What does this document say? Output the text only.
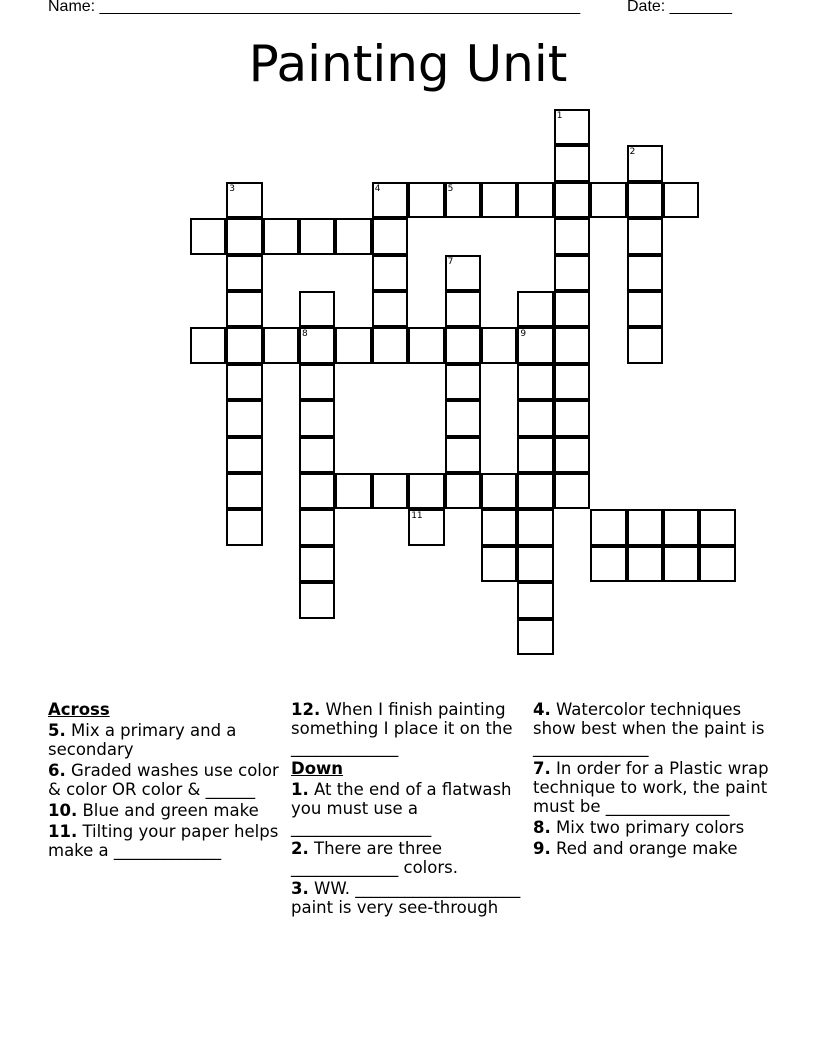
Name: ______________________________________________________	Date: _______
Painting Unit
1
2
3	4	5
7
8	9
11
Across
5. Mix a primary and a secondary
6. Graded washes use color & color OR color & ______
10. Blue and green make
11. Tilting your paper helps make a _____________
12. When I finish painting something I place it on the _____________
Down
1. At the end of a flatwash you must use a _________________
2. There are three _____________ colors.
3. WW. ____________________ paint is very see-through
4. Watercolor techniques show best when the paint is ______________
7. In order for a Plastic wrap technique to work, the paint must be _______________
8. Mix two primary colors
9. Red and orange make
